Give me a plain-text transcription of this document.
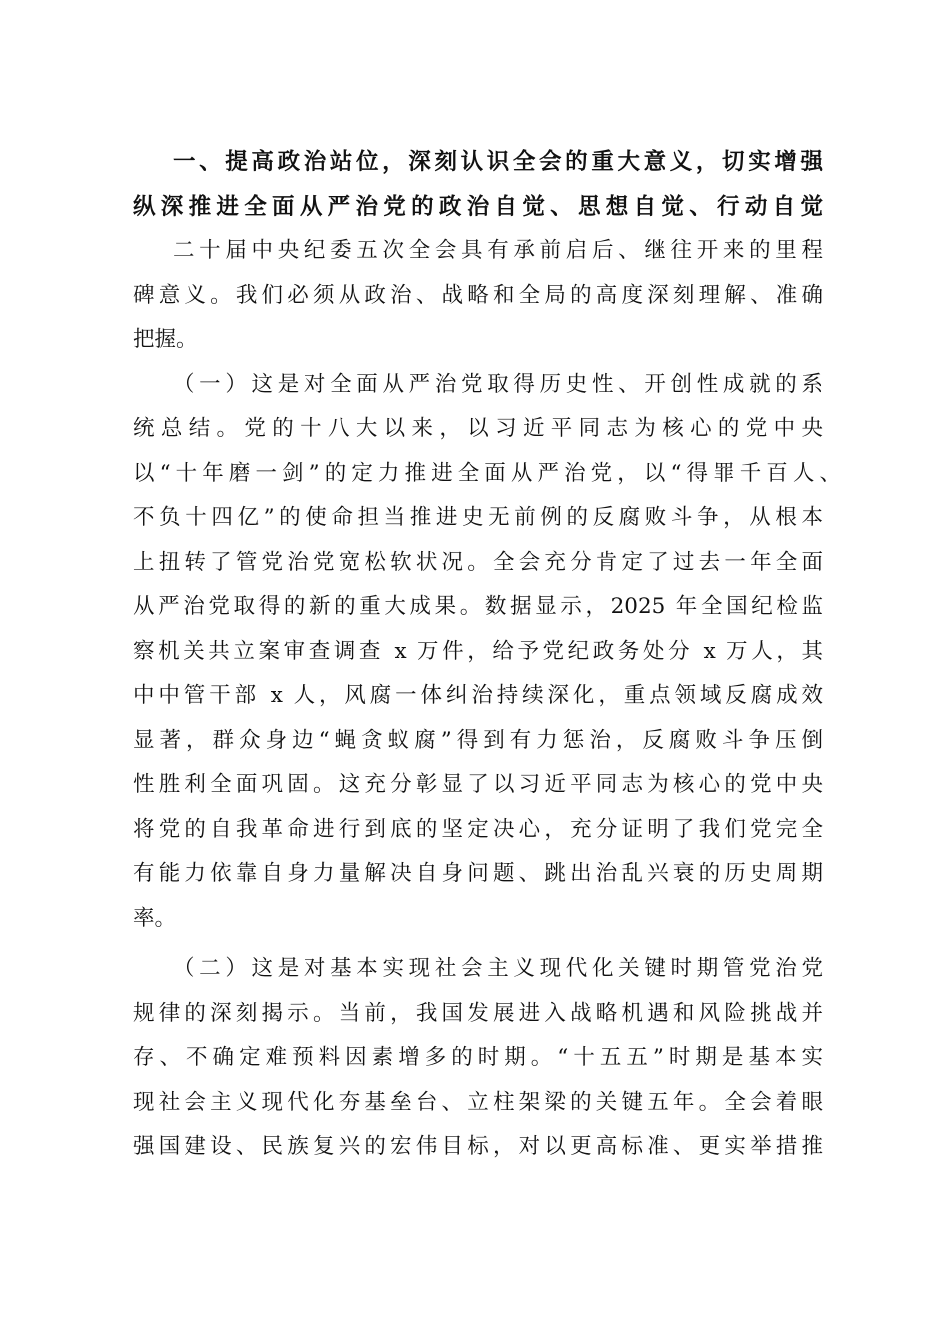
一、提高政治站位，深刻认识全会的重大意义，切实增强
纵深推进全面从严治党的政治自觉、思想自觉、行动自觉
二十届中央纪委五次全会具有承前启后、继往开来的里程
碑意义。我们必须从政治、战略和全局的高度深刻理解、准确
把握。
（一）这是对全面从严治党取得历史性、开创性成就的系
统总结。党的十八大以来，以习近平同志为核心的党中央
以“十年磨一剑”的定力推进全面从严治党，以“得罪千百人、
不负十四亿”的使命担当推进史无前例的反腐败斗争，从根本
上扭转了管党治党宽松软状况。全会充分肯定了过去一年全面
从严治党取得的新的重大成果。数据显示，2025 年全国纪检监
察机关共立案审查调查 x 万件，给予党纪政务处分 x 万人，其
中中管干部 x 人，风腐一体纠治持续深化，重点领域反腐成效
显著，群众身边“蝇贪蚁腐”得到有力惩治，反腐败斗争压倒
性胜利全面巩固。这充分彰显了以习近平同志为核心的党中央
将党的自我革命进行到底的坚定决心，充分证明了我们党完全
有能力依靠自身力量解决自身问题、跳出治乱兴衰的历史周期
率。
（二）这是对基本实现社会主义现代化关键时期管党治党
规律的深刻揭示。当前，我国发展进入战略机遇和风险挑战并
存、不确定难预料因素增多的时期。“十五五”时期是基本实
现社会主义现代化夯基垒台、立柱架梁的关键五年。全会着眼
强国建设、民族复兴的宏伟目标，对以更高标准、更实举措推
